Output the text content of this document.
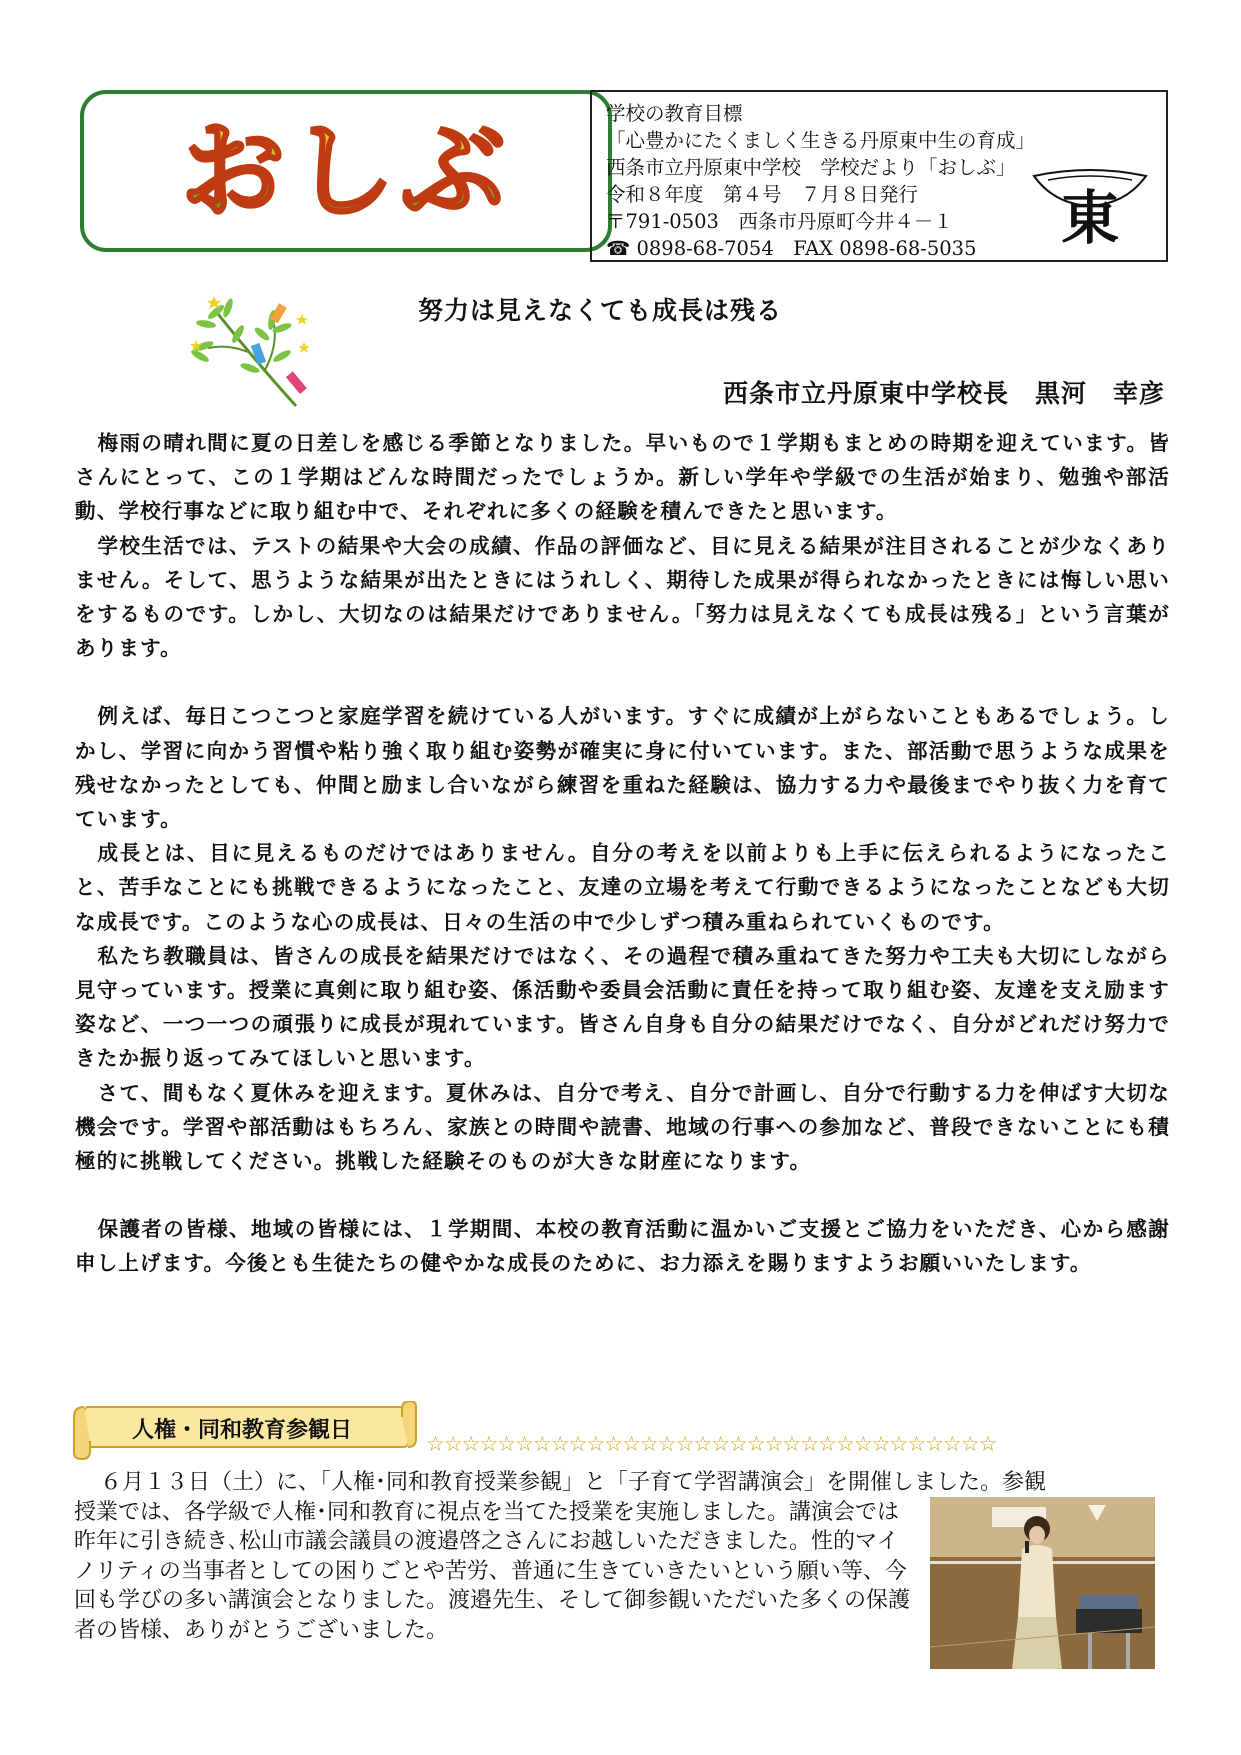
おしぶ	学校の教育目標
「心豊かにたくましく生きる丹原東中生の育成」
西条市立丹原東中学校　学校だより「おしぶ」
令和８年度　第４号　７月８日発行
〒791-0503　西条市丹原町今井４－１
☎ 0898-68-7054　FAX 0898-68-5035	東
努力は見えなくても成長は残る
西条市立丹原東中学校長　黒河　幸彦

梅雨の晴れ間に夏の日差しを感じる季節となりました。早いもので１学期もまとめの時期を迎えています。皆さんにとって、この１学期はどんな時間だったでしょうか。新しい学年や学級での生活が始まり、勉強や部活動、学校行事などに取り組む中で、それぞれに多くの経験を積んできたと思います。

学校生活では、テストの結果や大会の成績、作品の評価など、目に見える結果が注目されることが少なくありません。そして、思うような結果が出たときにはうれしく、期待した成果が得られなかったときには悔しい思いをするものです。しかし、大切なのは結果だけでありません。「努力は見えなくても成長は残る」という言葉があります。

例えば、毎日こつこつと家庭学習を続けている人がいます。すぐに成績が上がらないこともあるでしょう。しかし、学習に向かう習慣や粘り強く取り組む姿勢が確実に身に付いています。また、部活動で思うような成果を残せなかったとしても、仲間と励まし合いながら練習を重ねた経験は、協力する力や最後までやり抜く力を育てています。

成長とは、目に見えるものだけではありません。自分の考えを以前よりも上手に伝えられるようになったこと、苦手なことにも挑戦できるようになったこと、友達の立場を考えて行動できるようになったことなども大切な成長です。このような心の成長は、日々の生活の中で少しずつ積み重ねられていくものです。

私たち教職員は、皆さんの成長を結果だけではなく、その過程で積み重ねてきた努力や工夫も大切にしながら見守っています。授業に真剣に取り組む姿、係活動や委員会活動に責任を持って取り組む姿、友達を支え励ます姿など、一つ一つの頑張りに成長が現れています。皆さん自身も自分の結果だけでなく、自分がどれだけ努力できたか振り返ってみてほしいと思います。

さて、間もなく夏休みを迎えます。夏休みは、自分で考え、自分で計画し、自分で行動する力を伸ばす大切な機会です。学習や部活動はもちろん、家族との時間や読書、地域の行事への参加など、普段できないことにも積極的に挑戦してください。挑戦した経験そのものが大きな財産になります。

保護者の皆様、地域の皆様には、１学期間、本校の教育活動に温かいご支援とご協力をいただき、心から感謝申し上げます。今後とも生徒たちの健やかな成長のために、お力添えを賜りますようお願いいたします。

人権・同和教育参観日
☆☆☆☆☆☆☆☆☆☆☆☆☆☆☆☆☆☆☆☆☆☆☆☆☆☆☆☆☆☆☆☆

６月１３日（土）に、「人権･同和教育授業参観」と「子育て学習講演会」を開催しました。参観

授業では、各学級で人権･同和教育に視点を当てた授業を実施しました。講演会では昨年に引き続き､松山市議会議員の渡邉啓之さんにお越しいただきました。性的マイノリティの当事者としての困りごとや苦労、普通に生きていきたいという願い等、今回も学びの多い講演会となりました。渡邉先生、そして御参観いただいた多くの保護者の皆様、ありがとうございました。
